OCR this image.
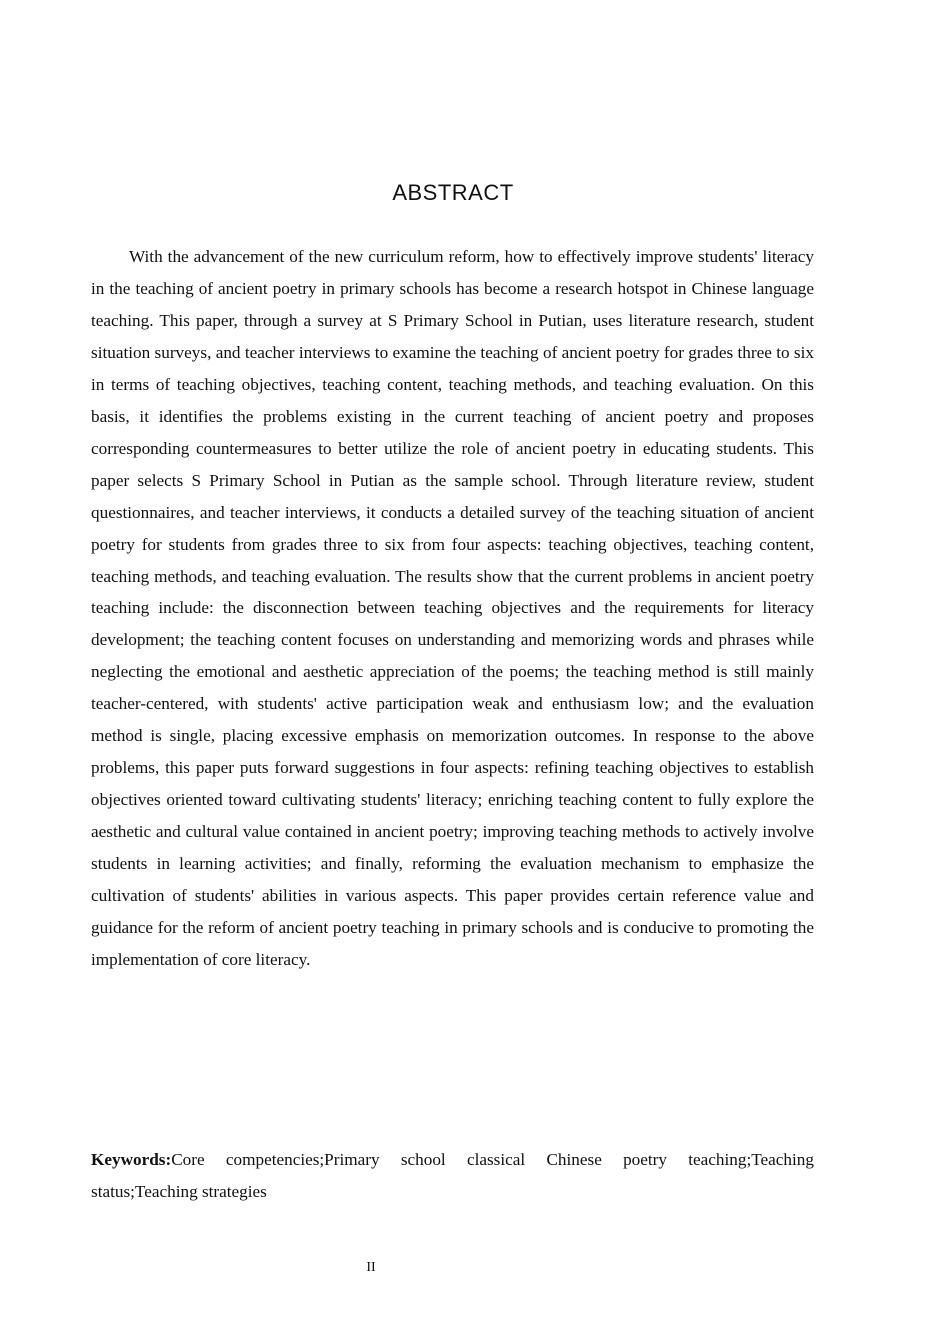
ABSTRACT

With the advancement of the new curriculum reform, how to effectively improve students' literacy in the teaching of ancient poetry in primary schools has become a research hotspot in Chinese language teaching. This paper, through a survey at S Primary School in Putian, uses literature research, student situation surveys, and teacher interviews to examine the teaching of ancient poetry for grades three to six in terms of teaching objectives, teaching content, teaching methods, and teaching evaluation. On this basis, it identifies the problems existing in the current teaching of ancient poetry and proposes corresponding countermeasures to better utilize the role of ancient poetry in educating students. This paper selects S Primary School in Putian as the sample school. Through literature review, student questionnaires, and teacher interviews, it conducts a detailed survey of the teaching situation of ancient poetry for students from grades three to six from four aspects: teaching objectives, teaching content, teaching methods, and teaching evaluation. The results show that the current problems in ancient poetry teaching include: the disconnection between teaching objectives and the requirements for literacy development; the teaching content focuses on understanding and memorizing words and phrases while neglecting the emotional and aesthetic appreciation of the poems; the teaching method is still mainly teacher-centered, with students' active participation weak and enthusiasm low; and the evaluation method is single, placing excessive emphasis on memorization outcomes. In response to the above problems, this paper puts forward suggestions in four aspects: refining teaching objectives to establish objectives oriented toward cultivating students' literacy; enriching teaching content to fully explore the aesthetic and cultural value contained in ancient poetry; improving teaching methods to actively involve students in learning activities; and finally, reforming the evaluation mechanism to emphasize the cultivation of students' abilities in various aspects. This paper provides certain reference value and guidance for the reform of ancient poetry teaching in primary schools and is conducive to promoting the implementation of core literacy.

Keywords:Core competencies;Primary school classical Chinese poetry teaching;Teaching status;Teaching strategies

II
